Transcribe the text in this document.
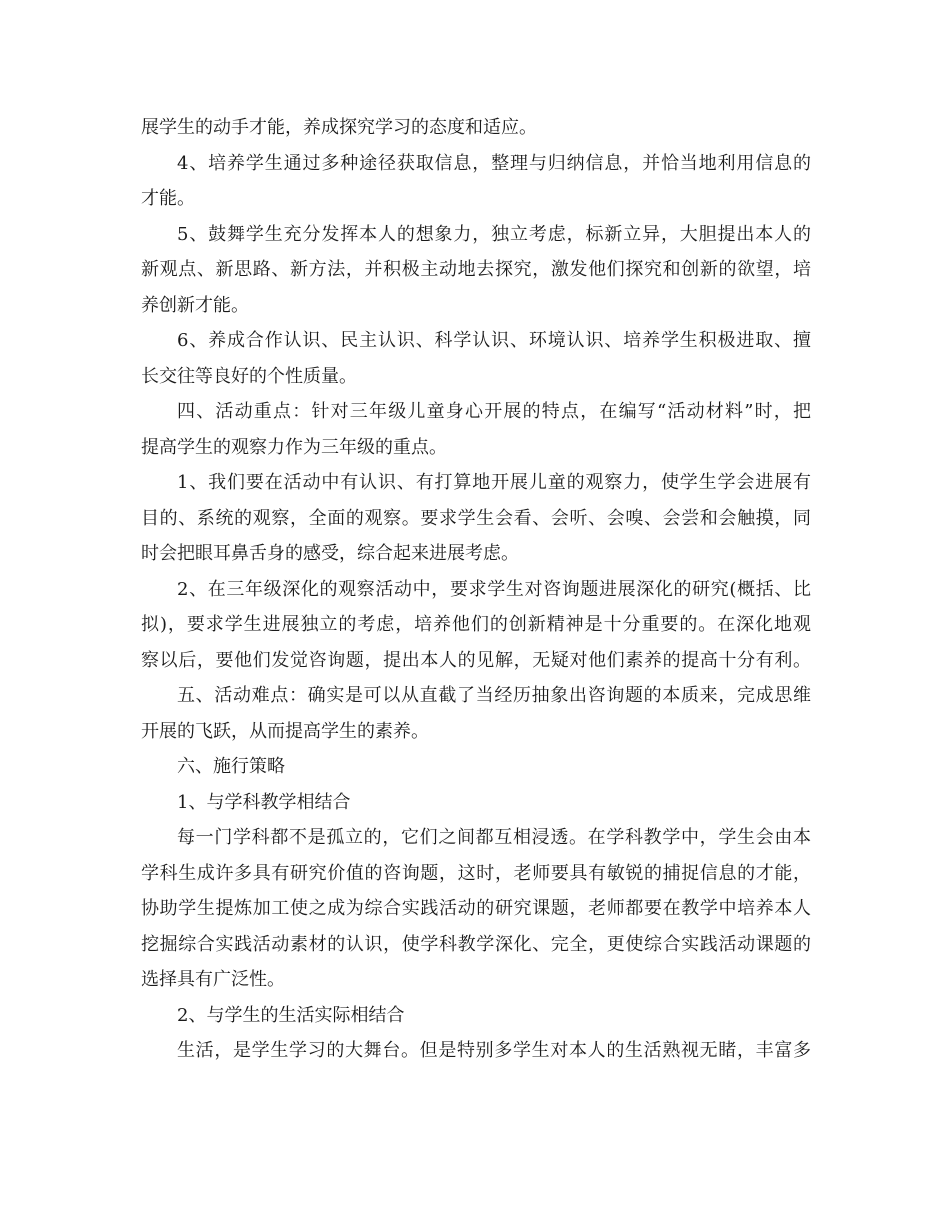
展学生的动手才能，养成探究学习的态度和适应。
4、培养学生通过多种途径获取信息，整理与归纳信息，并恰当地利用信息的
才能。
5、鼓舞学生充分发挥本人的想象力，独立考虑，标新立异，大胆提出本人的
新观点、新思路、新方法，并积极主动地去探究，激发他们探究和创新的欲望，培
养创新才能。
6、养成合作认识、民主认识、科学认识、环境认识、培养学生积极进取、擅
长交往等良好的个性质量。
四、活动重点：针对三年级儿童身心开展的特点，在编写“活动材料”时，把
提高学生的观察力作为三年级的重点。
1、我们要在活动中有认识、有打算地开展儿童的观察力，使学生学会进展有
目的、系统的观察，全面的观察。要求学生会看、会听、会嗅、会尝和会触摸，同
时会把眼耳鼻舌身的感受，综合起来进展考虑。
2、在三年级深化的观察活动中，要求学生对咨询题进展深化的研究(概括、比
拟)，要求学生进展独立的考虑，培养他们的创新精神是十分重要的。在深化地观
察以后，要他们发觉咨询题，提出本人的见解，无疑对他们素养的提高十分有利。
五、活动难点：确实是可以从直截了当经历抽象出咨询题的本质来，完成思维
开展的飞跃，从而提高学生的素养。
六、施行策略
1、与学科教学相结合
每一门学科都不是孤立的，它们之间都互相浸透。在学科教学中，学生会由本
学科生成许多具有研究价值的咨询题，这时，老师要具有敏锐的捕捉信息的才能，
协助学生提炼加工使之成为综合实践活动的研究课题，老师都要在教学中培养本人
挖掘综合实践活动素材的认识，使学科教学深化、完全，更使综合实践活动课题的
选择具有广泛性。
2、与学生的生活实际相结合
生活，是学生学习的大舞台。但是特别多学生对本人的生活熟视无睹，丰富多
